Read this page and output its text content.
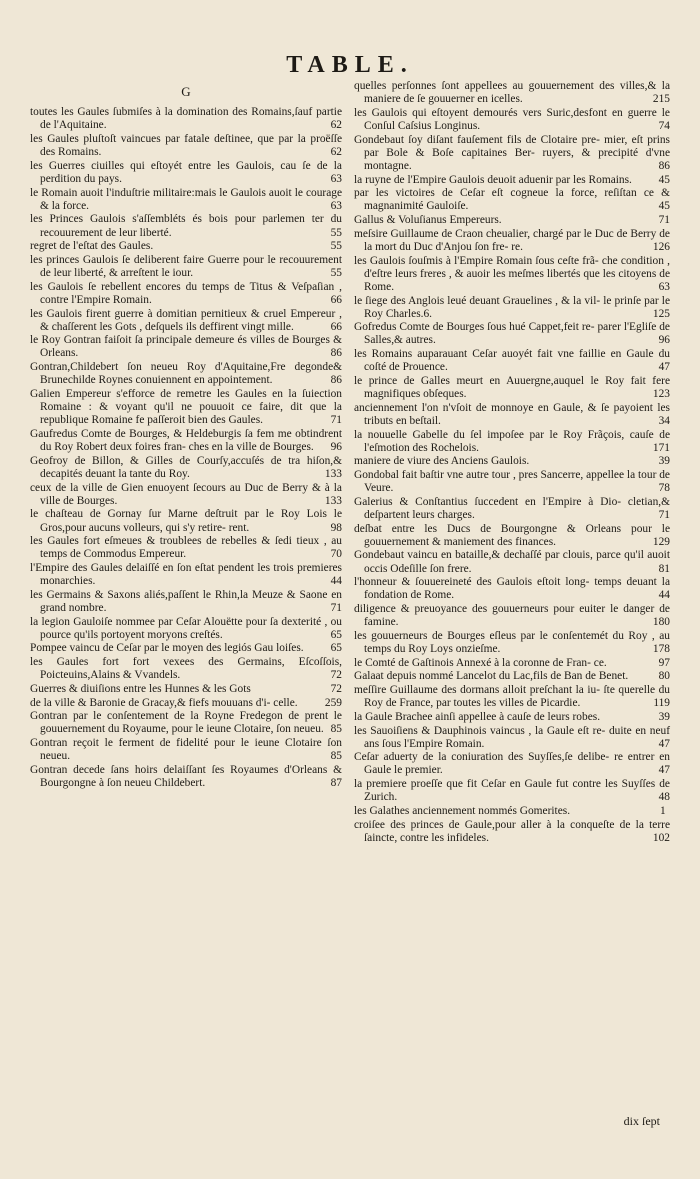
TABLE.
G
toutes les Gaules ſubmiſes à la domination des Romains,ſauf partie de l'Aquitaine.	62
les Gaules pluſtoſt vaincues par fatale deſtinee, que par la proëſſe des Romains.	62
les Guerres ciuilles qui eſtoyét entre les Gaulois, cau ſe de la perdition du pays.	63
le Romain auoit l'induſtrie militaire:mais le Gaulois auoit le courage & la force.	63
les Princes Gaulois s'aſſembléts és bois pour parlemen ter du recouurement de leur liberté.	55
regret de l'eſtat des Gaules.	55
les princes Gaulois ſe deliberent faire Guerre pour le recouurement de leur liberté, & arreſtent le iour.	55
les Gaulois ſe rebellent encores du temps de Titus & Veſpaſian , contre l'Empire Romain.	66
les Gaulois firent guerre à domitian pernitieux & cruel Empereur , & chaſſerent les Gots , deſquels ils deffirent vingt mille.	66
le Roy Gontran faiſoit ſa principale demeure és villes de Bourges & Orleans.	86
Gontran,Childebert ſon neueu Roy d'Aquitaine,Fre degonde& Brunechilde Roynes conuiennent en appointement.	86
Galien Empereur s'efforce de remetre les Gaules en la ſuiection Romaine : & voyant qu'il ne pouuoit ce faire, dit que la republique Romaine fe paſſeroit bien des Gaules.	71
Gaufredus Comte de Bourges, & Heldeburgis ſa fem me obtindrent du Roy Robert deux foires fran- ches en la ville de Bourges. 96
Geofroy de Billon, & Gilles de Courſy,accuſés de tra hiſon,& decapités deuant la tante du Roy.	133
ceux de la ville de Gien enuoyent ſecours au Duc de Berry & à la ville de Bourges.	133
le chaſteau de Gornay ſur Marne deſtruit par le Roy Lois le Gros,pour aucuns volleurs, qui s'y retire- rent.	98
les Gaules fort eſmeues & troublees de rebelles & ſedi tieux , au temps de Commodus Empereur.	70
l'Empire des Gaules delaiſſé en ſon eſtat pendent les trois premieres monarchies.	44
les Germains & Saxons aliés,paſſent le Rhin,la Meuze & Saone en grand nombre.	71
la legion Gauloiſe nommee par Ceſar Alouëtte pour ſa dexterité , ou pource qu'ils portoyent moryons creſtés.	65
Pompee vaincu de Ceſar par le moyen des legiós Gau loiſes. 65
les Gaules fort fort vexees des Germains, Eſcoſſois, Poicteuins,Alains & Vvandels.	72
Guerres & diuiſions entre les Hunnes & les Gots	72
de la ville & Baronie de Gracay,& fiefs mouuans d'i- celle. 259
Gontran par le conſentement de la Royne Fredegon de prent le gouuernement du Royaume, pour le ieune Clotaire, ſon neueu. 85
Gontran reçoit le ferment de fidelité pour le ieune Clotaire ſon neueu.	85
Gontran decede ſans hoirs delaiſſant ſes Royaumes d'Orleans & Bourgongne à ſon neueu Childebert.	87
quelles perſonnes ſont appellees au gouuernement des villes,& la maniere de ſe gouuerner en icelles.	215
les Gaulois qui eſtoyent demourés vers Suric,desfont en guerre le Conſul Caſsius Longinus.	74
Gondebaut ſoy diſant fauſement fils de Clotaire pre- mier, eſt prins par Bole & Boſe capitaines Ber- ruyers, & precipité d'vne montagne.	86
la ruyne de l'Empire Gaulois deuoit aduenir par les Romains. 45
par les victoires de Ceſar eſt cogneue la force, reſiſtan ce & magnanimité Gauloiſe.	45
Gallus & Voluſianus Empereurs.	71
meſsire Guillaume de Craon cheualier, chargé par le Duc de Berry de la mort du Duc d'Anjou ſon fre- re.	126
les Gaulois ſouſmis à l'Empire Romain ſous ceſte frã- che condition , d'eſtre leurs freres , & auoir les meſmes libertés que les citoyens de Rome.	63
le ſiege des Anglois leué deuant Grauelines , & la vil- le prinſe par le Roy Charles.6.	125
Gofredus Comte de Bourges ſous hué Cappet,feit re- parer l'Egliſe de Salles,& autres.	96
les Romains auparauant Ceſar auoyét fait vne faillie en Gaule du coſté de Prouence.	47
le prince de Galles meurt en Auuergne,auquel le Roy fait fere magnifiques obſeques.	123
anciennement l'on n'vſoit de monnoye en Gaule, & ſe payoient les tributs en beſtail.	34
la nouuelle Gabelle du ſel impoſee par le Roy Frãçois, cauſe de l'eſmotion des Rochelois.	171
maniere de viure des Anciens Gaulois.	39
Gondobal fait baſtir vne autre tour , pres Sancerre, appellee la tour de Veure.	78
Galerius & Conſtantius ſuccedent en l'Empire à Dio- cletian,& deſpartent leurs charges.	71
deſbat entre les Ducs de Bourgongne & Orleans pour le gouuernement & maniement des finances.	129
Gondebaut vaincu en bataille,& dechaſſé par clouis, parce qu'il auoit occis Odeſille ſon frere.	81
l'honneur & ſouuereineté des Gaulois eſtoit long- temps deuant la fondation de Rome.	44
diligence & preuoyance des gouuerneurs pour euiter le danger de famine.	180
les gouuerneurs de Bourges eſleus par le conſentemét du Roy , au temps du Roy Loys onzieſme.	178
le Comté de Gaſtinois Annexé à la coronne de Fran- ce.	97
Galaat depuis nommé Lancelot du Lac,fils de Ban de Benet.	80
meſſire Guillaume des dormans alloit preſchant la iu- ſte querelle du Roy de France, par toutes les villes de Picardie.	119
la Gaule Brachee ainſi appellee à cauſe de leurs robes.	39
les Sauoiſiens & Dauphinois vaincus , la Gaule eſt re- duite en neuf ans ſous l'Empire Romain.	47
Ceſar aduerty de la coniuration des Suyſſes,ſe delibe- re entrer en Gaule le premier.	47
la premiere proeſſe que fit Ceſar en Gaule fut contre les Suyſſes de Zurich.	48
les Galathes anciennement nommés Gomerites.	1
croiſee des princes de Gaule,pour aller à la conqueſte de la terre ſaincte, contre les infideles.	102
dix ſept
